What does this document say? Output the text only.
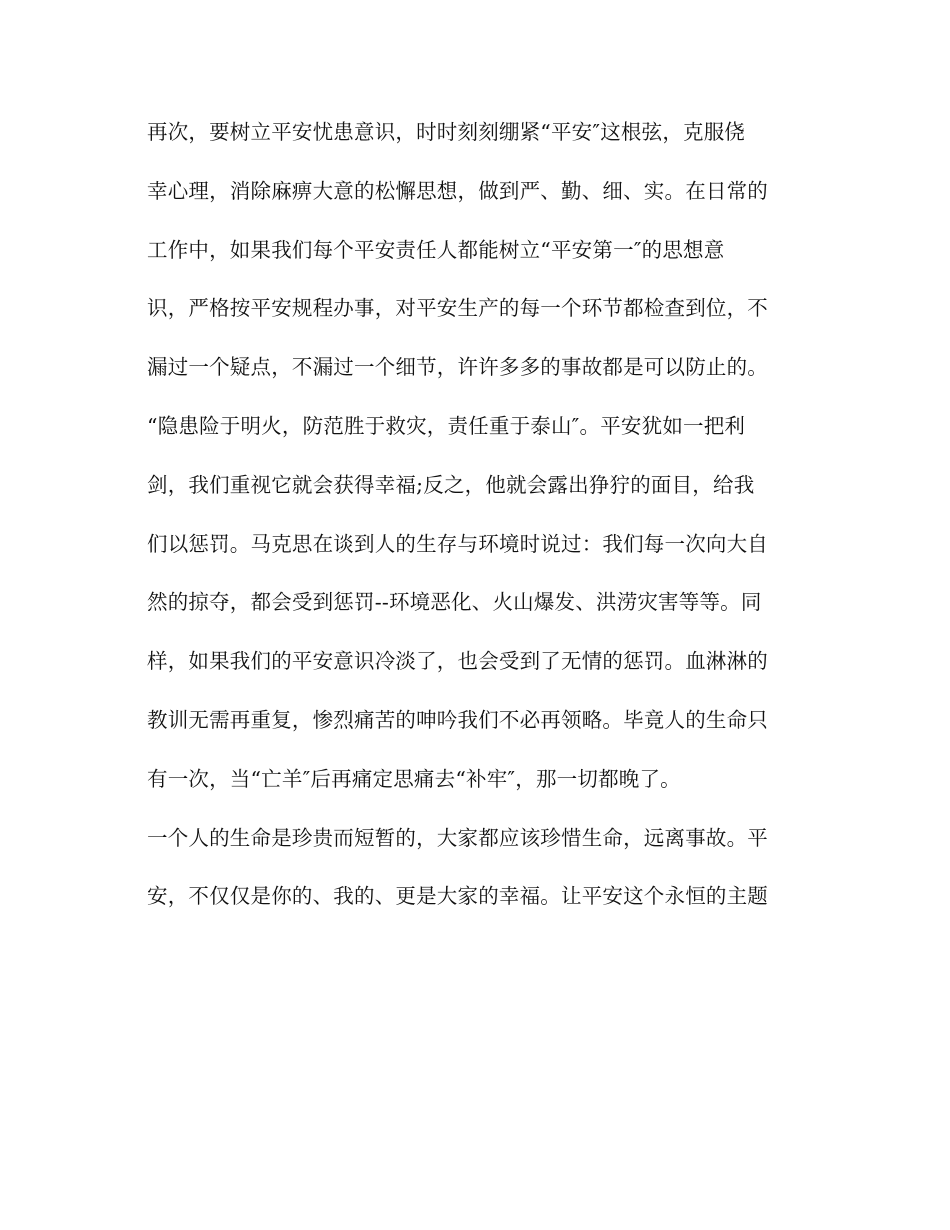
再次，要树立平安忧患意识，时时刻刻绷紧“平安″这根弦，克服侥
幸心理，消除麻痹大意的松懈思想，做到严、勤、细、实。在日常的
工作中，如果我们每个平安责任人都能树立“平安第一″的思想意
识，严格按平安规程办事，对平安生产的每一个环节都检查到位，不
漏过一个疑点，不漏过一个细节，许许多多的事故都是可以防止的。
“隐患险于明火，防范胜于救灾，责任重于泰山″。平安犹如一把利
剑，我们重视它就会获得幸福;反之，他就会露出狰狞的面目，给我
们以惩罚。马克思在谈到人的生存与环境时说过：我们每一次向大自
然的掠夺，都会受到惩罚--环境恶化、火山爆发、洪涝灾害等等。同
样，如果我们的平安意识冷淡了，也会受到了无情的惩罚。血淋淋的
教训无需再重复，惨烈痛苦的呻吟我们不必再领略。毕竟人的生命只
有一次，当“亡羊″后再痛定思痛去“补牢″，那一切都晚了。
一个人的生命是珍贵而短暂的，大家都应该珍惜生命，远离事故。平
安，不仅仅是你的、我的、更是大家的幸福。让平安这个永恒的主题
